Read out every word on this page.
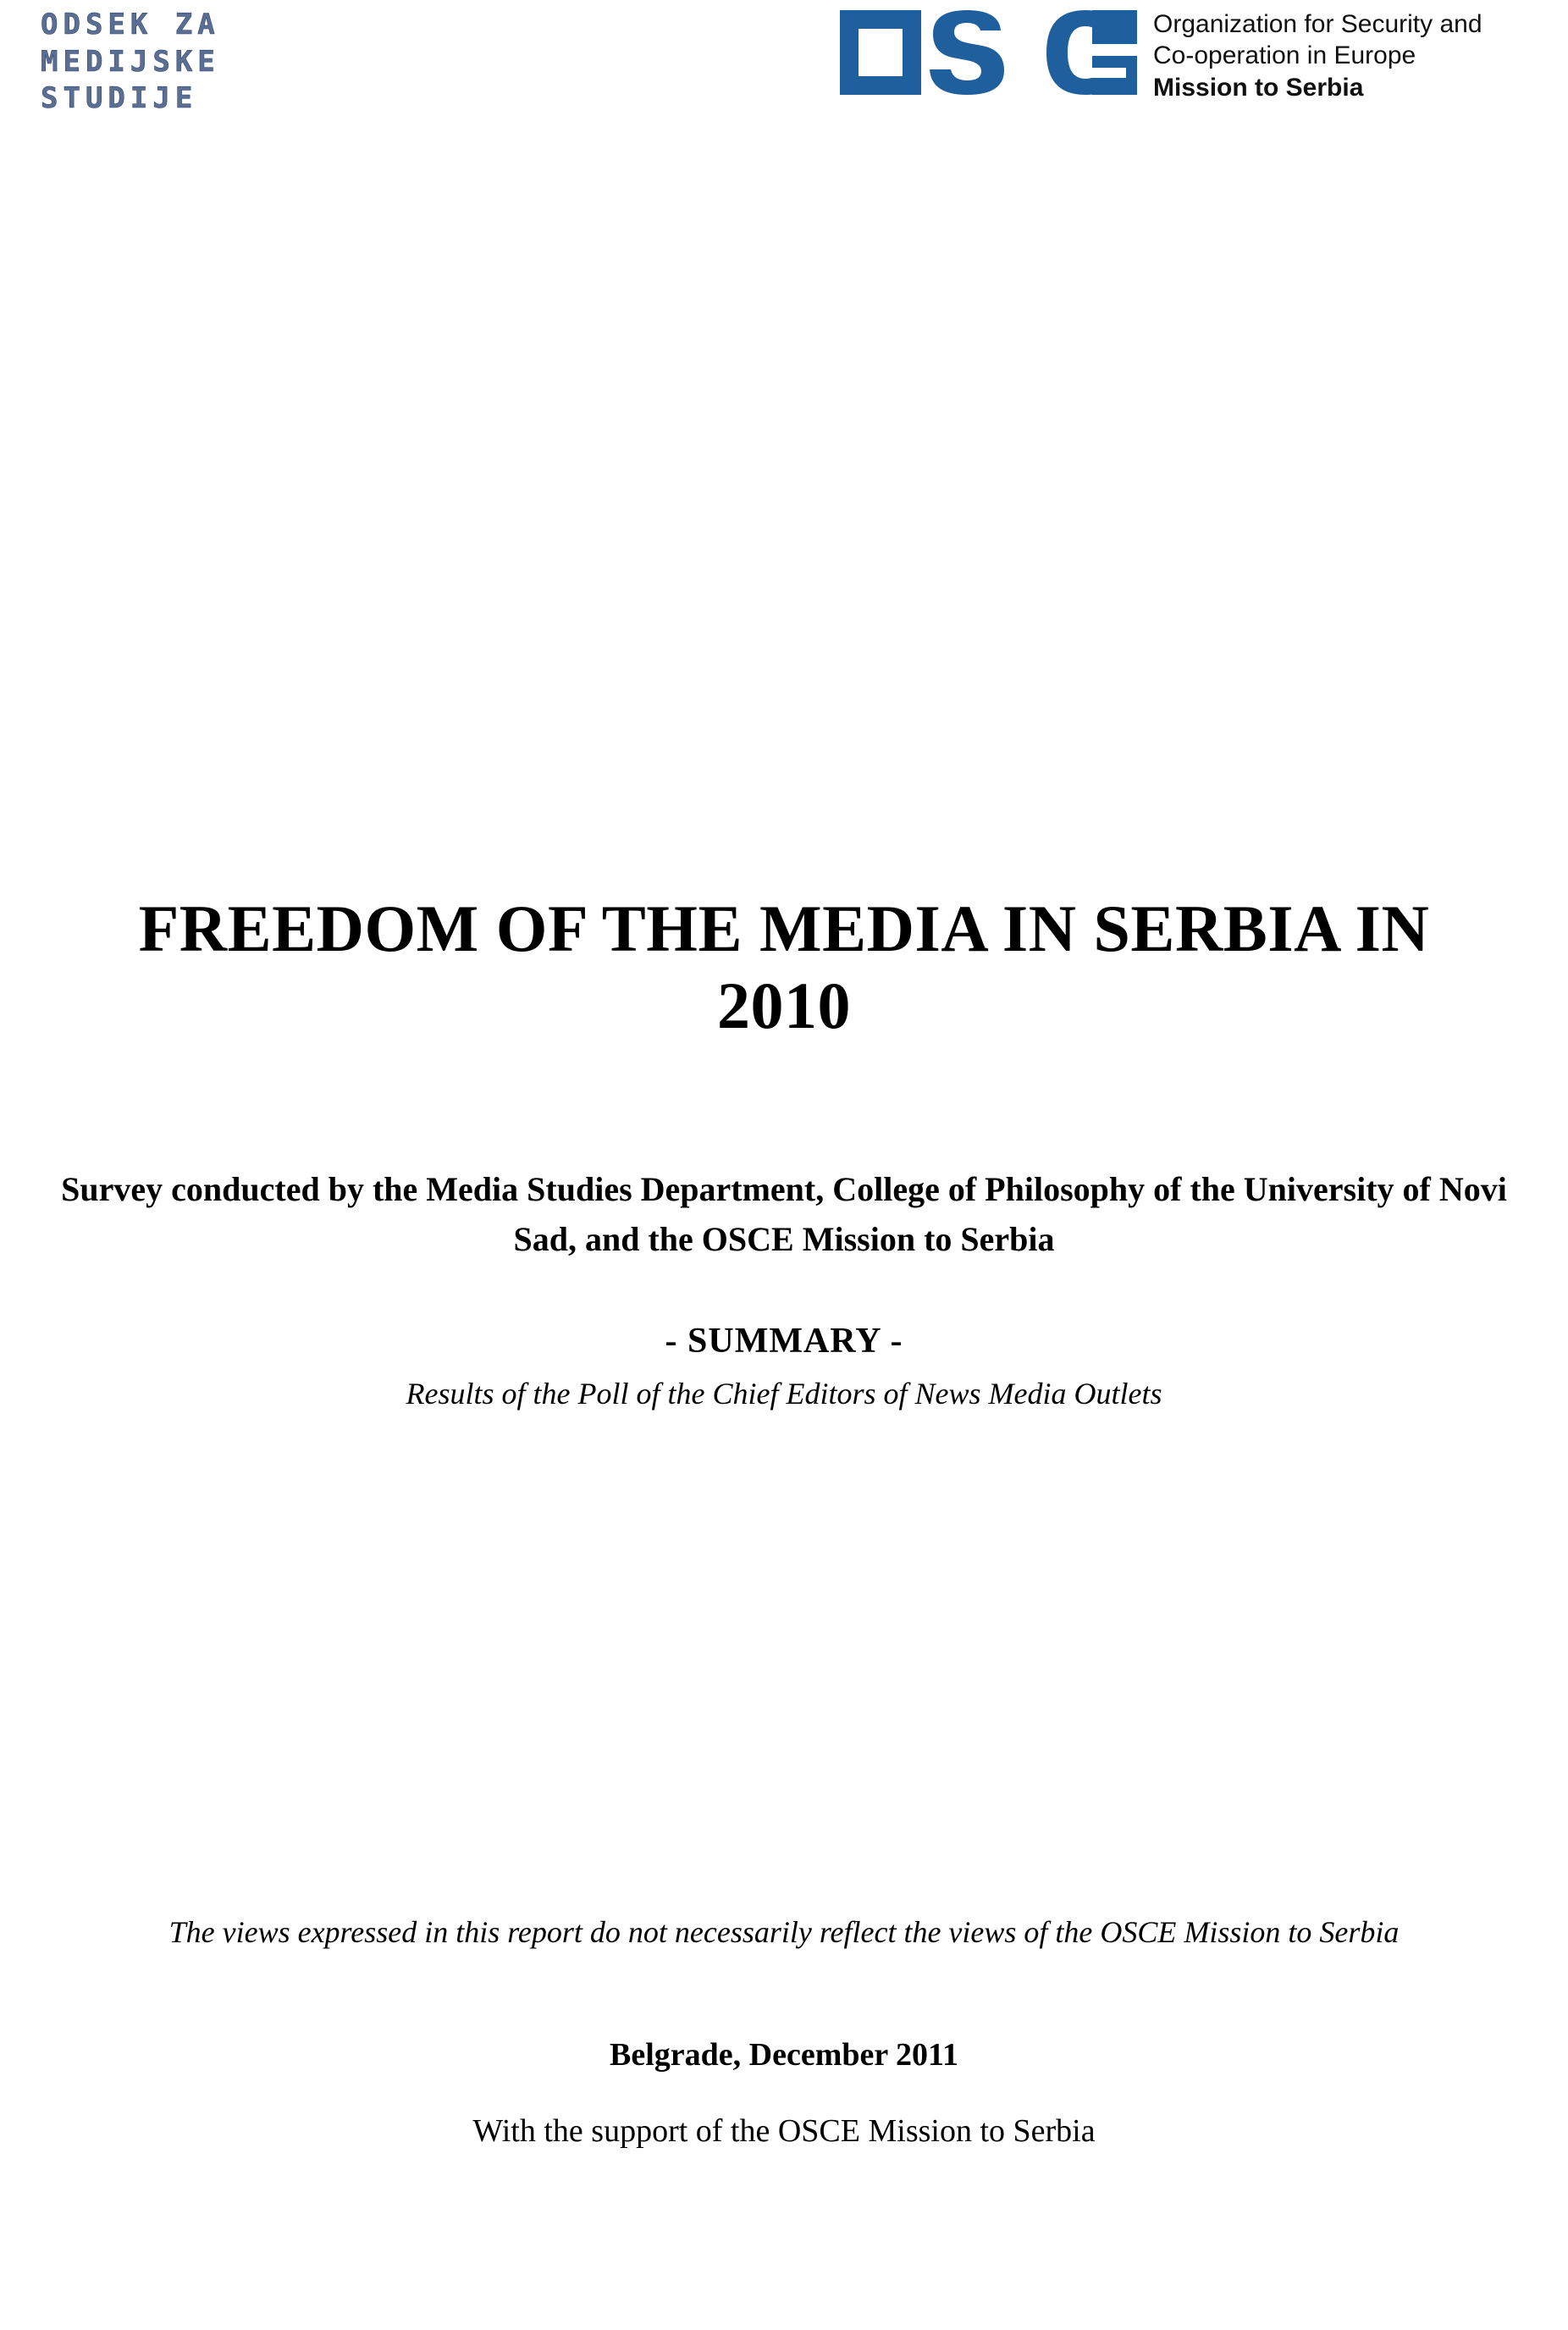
ODSEK ZA
MEDIJSKE
STUDIJE
Organization for Security and
Co-operation in Europe
Mission to Serbia
FREEDOM OF THE MEDIA IN SERBIA IN 2010
Survey conducted by the Media Studies Department, College of Philosophy of the University of Novi Sad, and the OSCE Mission to Serbia
- SUMMARY -
Results of the Poll of the Chief Editors of News Media Outlets
The views expressed in this report do not necessarily reflect the views of the OSCE Mission to Serbia
Belgrade, December 2011
With the support of the OSCE Mission to Serbia
